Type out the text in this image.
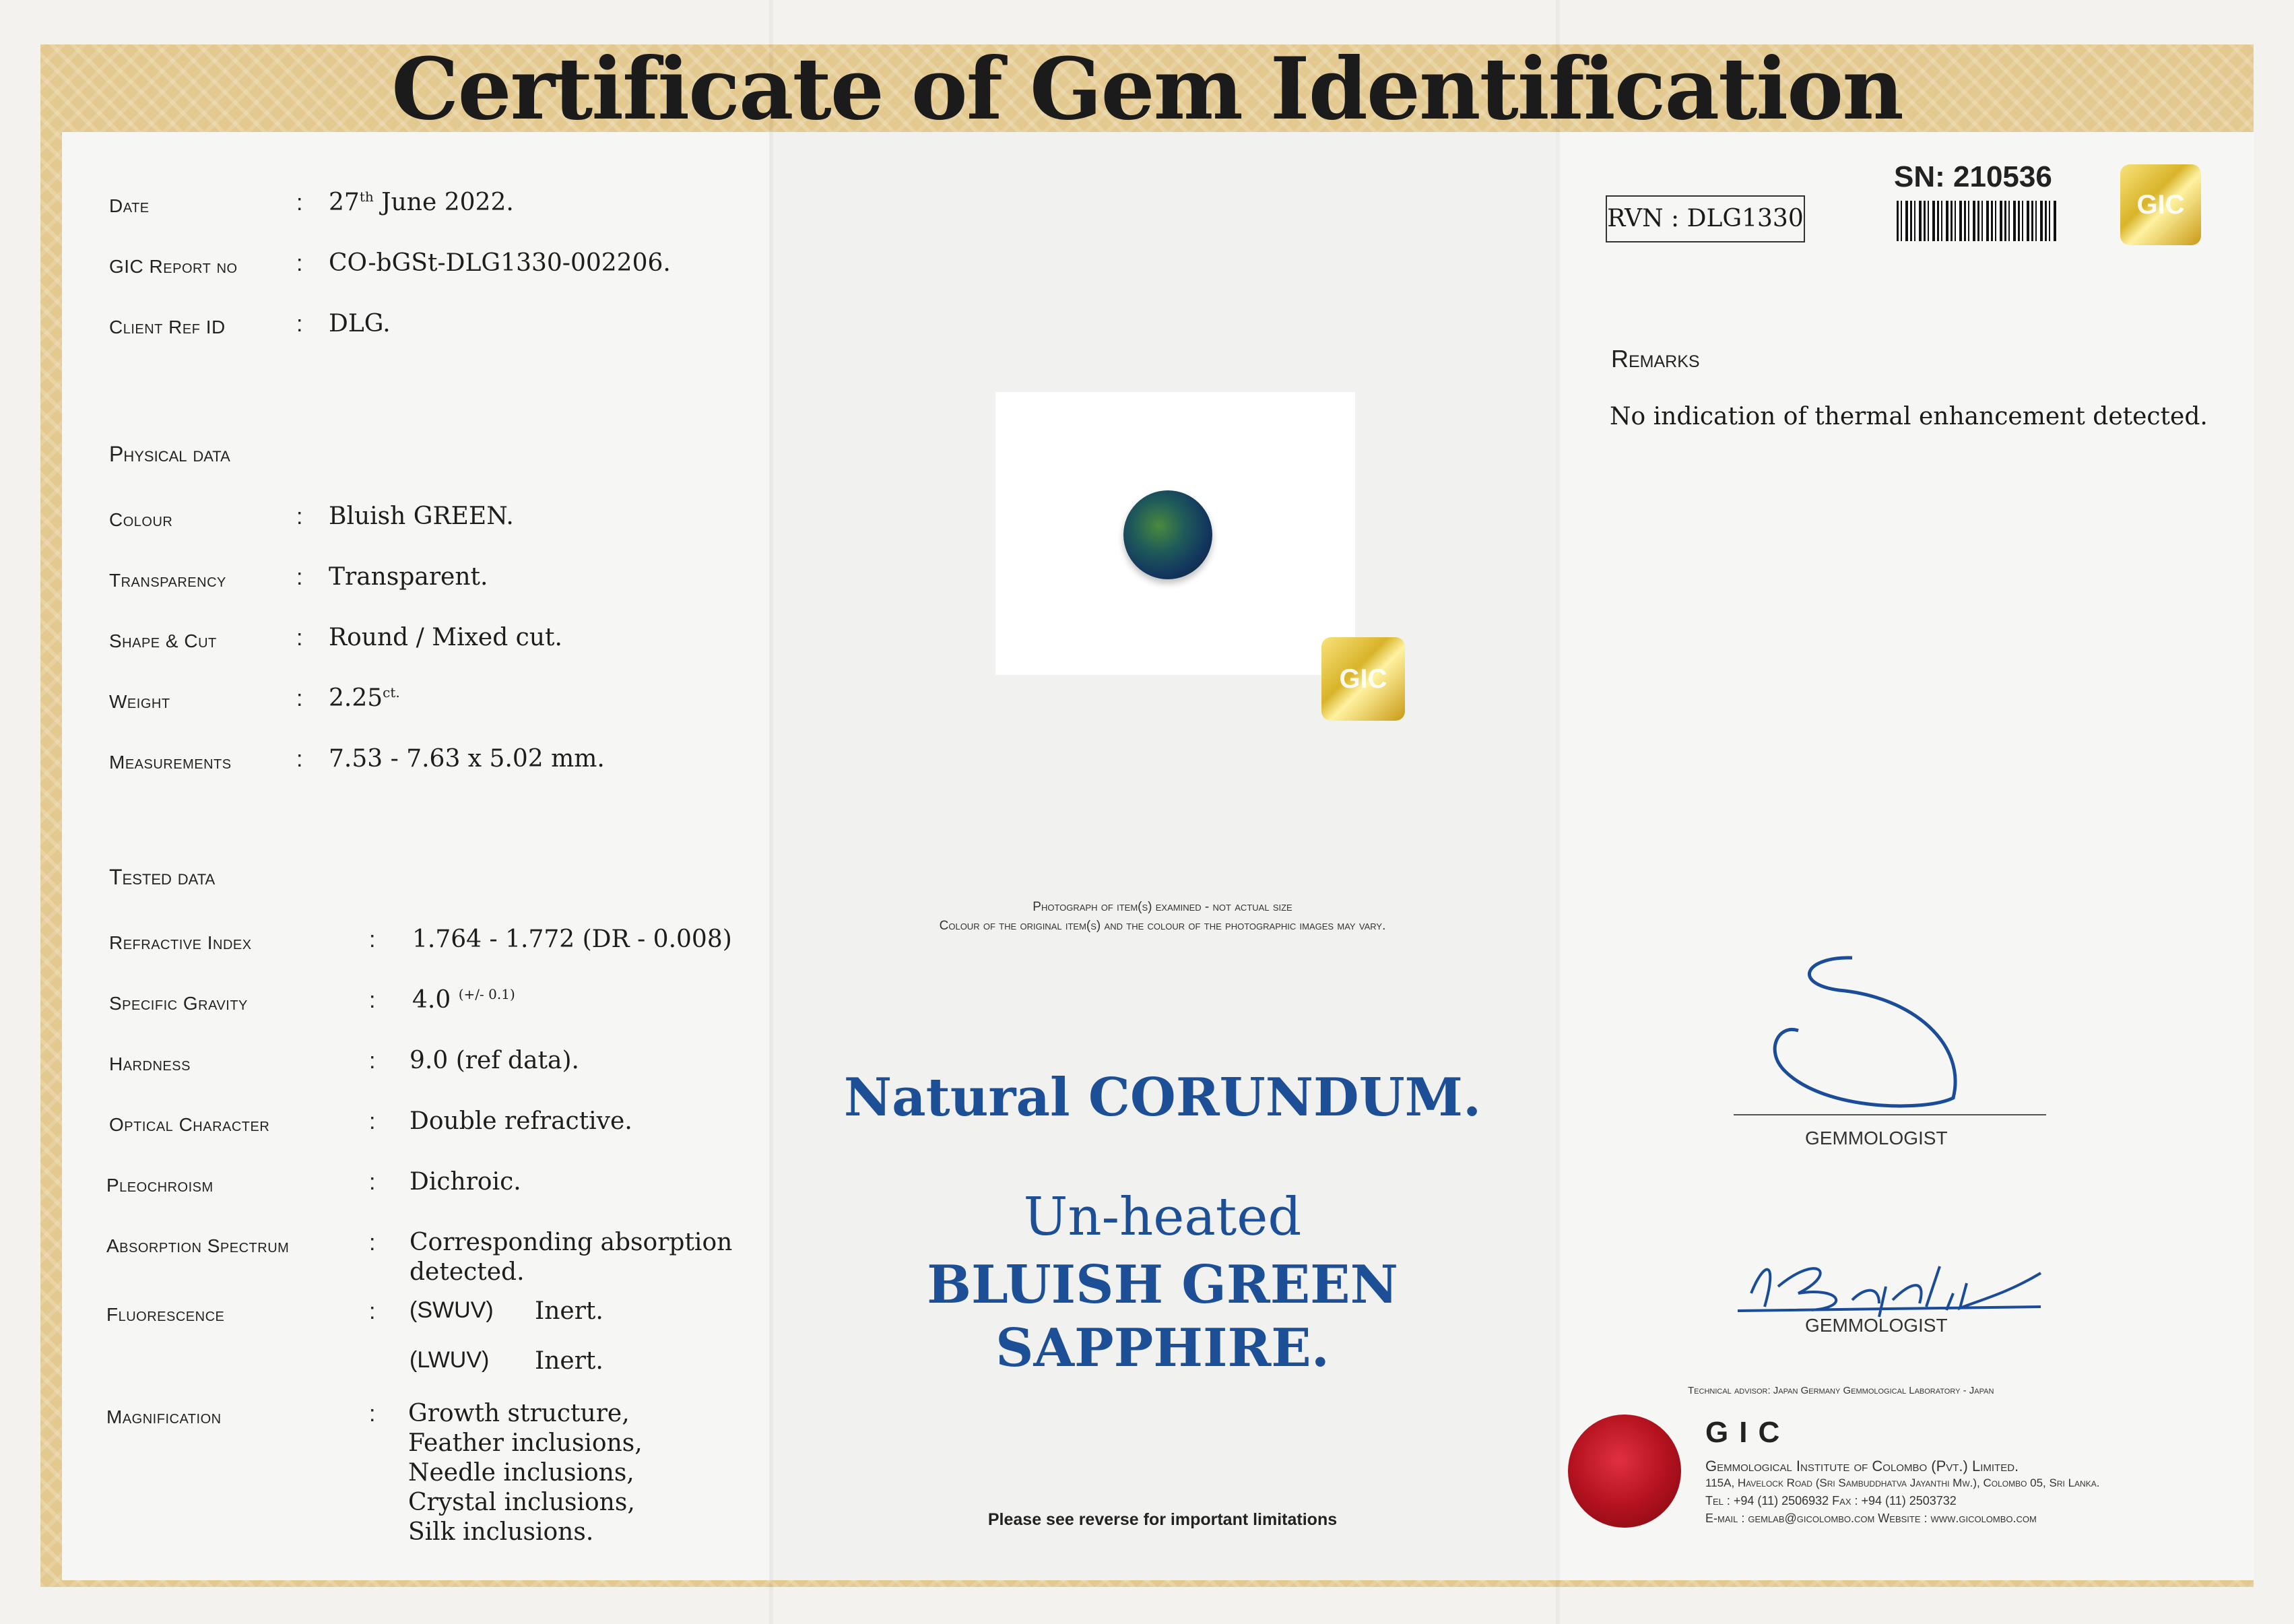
Certificate of Gem Identification
Date	: 27th June 2022.
GIC Report no	: CO-bGSt-DLG1330-002206.
Client Ref ID	: DLG.
Physical data
Colour	: Bluish GREEN.
Transparency	: Transparent.
Shape & Cut	: Round / Mixed cut.
Weight	: $2.25^{ct.}$
Measurements	: 7.53 - 7.63 x 5.02 mm.
Tested data
Refractive Index	: 1.764 - 1.772 (DR - 0.008)
Specific Gravity	: 4.0 $^{(+/- 0.1)}$
Hardness	: 9.0 (ref data).
Optical Character	: Double refractive.
Pleochroism	: Dichroic.
Absorption Spectrum	: Corresponding absorption
detected.
Fluorescence	: (SWUV) Inert.
(LWUV) Inert.
Magnification	: Growth structure,
Feather inclusions,
Needle inclusions,
Crystal inclusions,
Silk inclusions.
GIC
Photograph of item(s) examined - not actual size
Colour of the original item(s) and the colour of the photographic images may vary.
Natural CORUNDUM.
Un-heated
BLUISH GREEN
SAPPHIRE.
Please see reverse for important limitations
RVN : DLG1330
SN: 210536
GIC
Remarks
No indication of thermal enhancement detected.
GEMMOLOGIST
GEMMOLOGIST
Technical advisor: Japan Germany Gemmological Laboratory - Japan
GIC
Gemmological Institute of Colombo (Pvt.) Limited.
115A, Havelock Road (Sri Sambuddhatva Jayanthi Mw.), Colombo 05, Sri Lanka.
Tel : +94 (11) 2506932 Fax : +94 (11) 2503732
E-mail : gemlab@gicolombo.com Website : www.gicolombo.com
